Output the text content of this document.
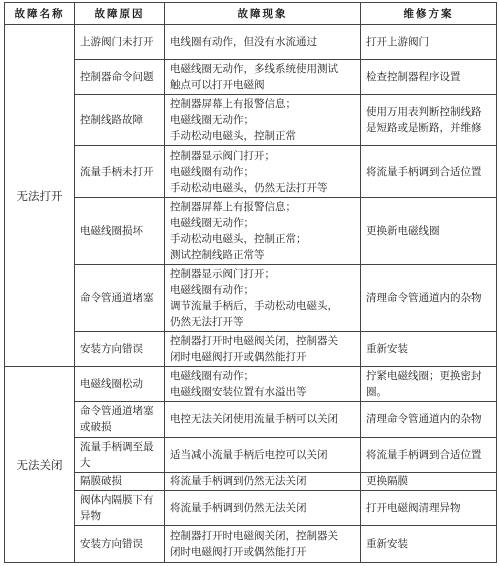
故障名称	故障原因	故障现象	维修方案
无法打开	上游阀门未打开	电线圈有动作，但没有水流通过	打开上游阀门
	控制器命令问题	电磁线圈无动作，多线系统使用测试
触点可以打开电磁阀	检查控制器程序设置
	控制线路故障	控制器屏幕上有报警信息；
电磁线圈无动作；
手动松动电磁头，控制正常	使用万用表判断控制线路是短路或是断路，并维修
	流量手柄未打开	控制器显示阀门打开；
电磁线圈有动作；
手动松动电磁头，仍然无法打开等	将流量手柄调到合适位置
	电磁线圈损坏	控制器屏幕上有报警信息；
电磁线圈无动作；
手动松动电磁头，控制正常；
测试控制线路正常等	更换新电磁线圈
	命令管通道堵塞	控制器显示阀门打开；
电磁线圈有动作；
调节流量手柄后，手动松动电磁头，
仍然无法打开等	清理命令管通道内的杂物
	安装方向错误	控制器打开时电磁阀关闭，控制器关
闭时电磁阀打开或偶然能打开	重新安装
无法关闭	电磁线圈松动	电磁线圈有动作；
电磁线圈安装位置有水溢出等	拧紧电磁线圈；更换密封圈。
	命令管通道堵塞或破损	电控无法关闭使用流量手柄可以关闭	清理命令管通道内的杂物
	流量手柄调至最大	适当减小流量手柄后电控可以关闭	将流量手柄调到合适位置
	隔膜破损	将流量手柄调到仍然无法关闭	更换隔膜
	阀体内隔膜下有异物	将流量手柄调到仍然无法关闭	打开电磁阀清理异物
	安装方向错误	控制器打开时电磁阀关闭，控制器关
闭时电磁阀打开或偶然能打开	重新安装
